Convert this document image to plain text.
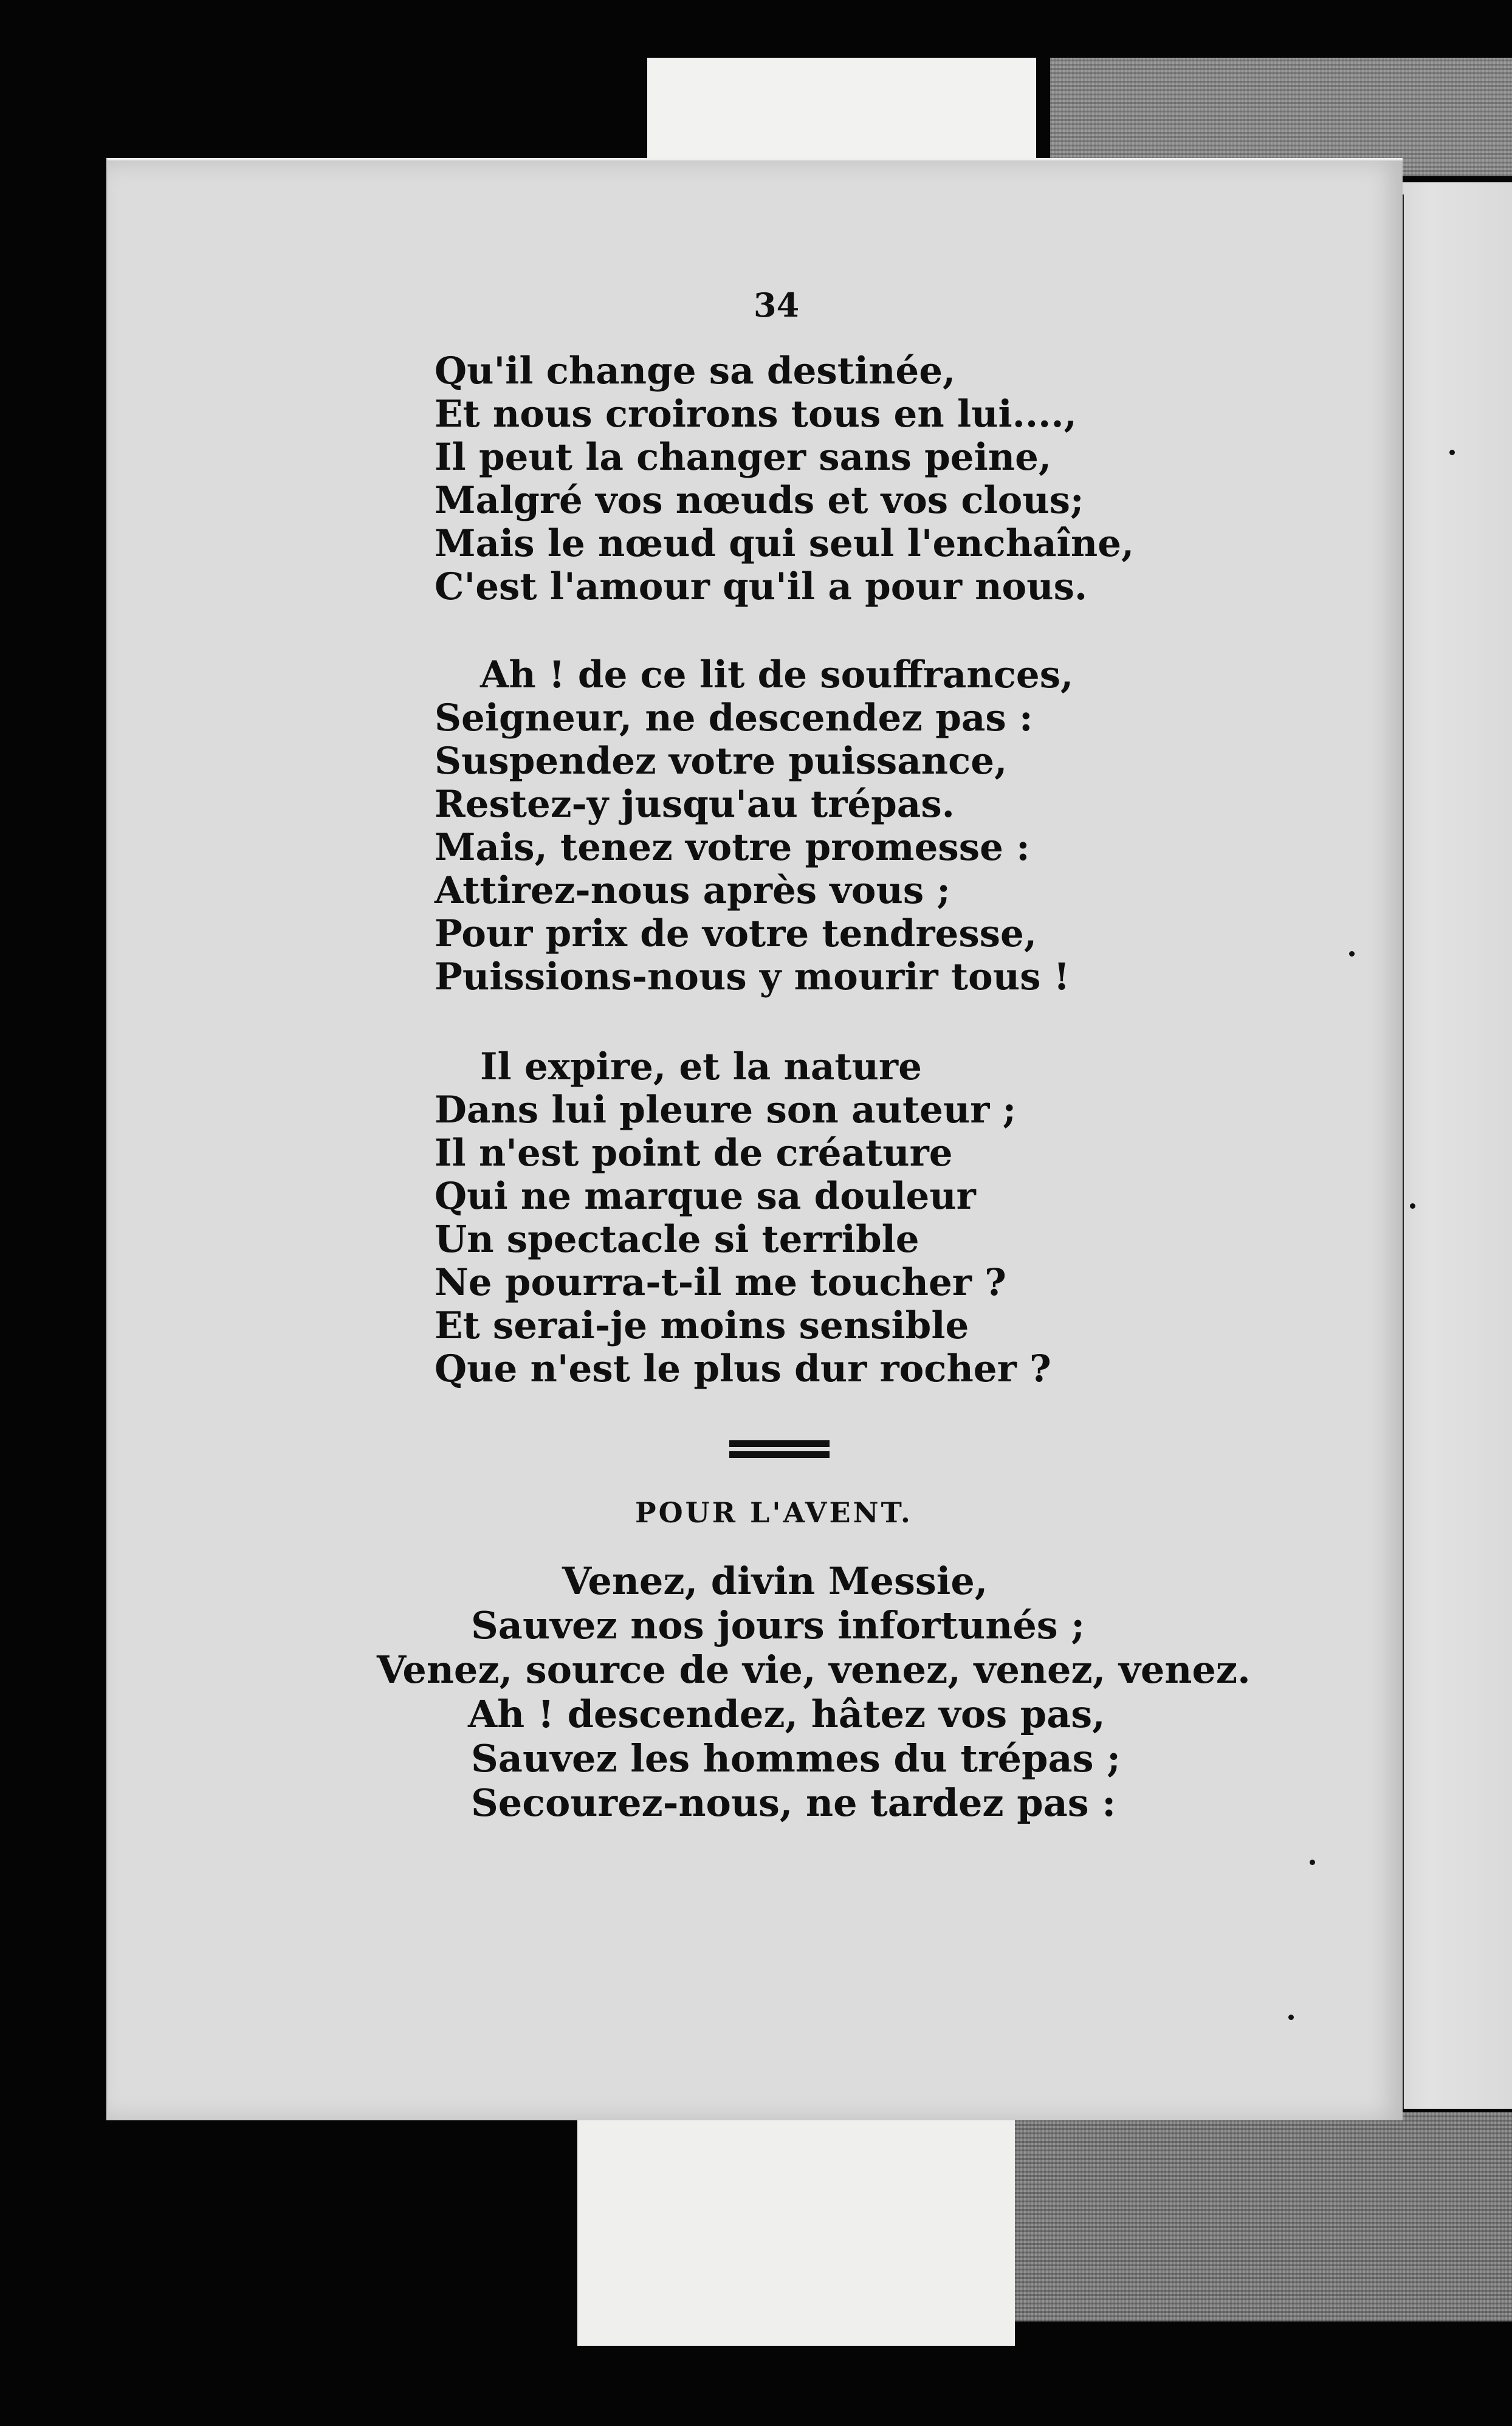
34
Qu'il change sa destinée,
Et nous croirons tous en lui....,
Il peut la changer sans peine,
Malgré vos nœuds et vos clous;
Mais le nœud qui seul l'enchaîne,
C'est l'amour qu'il a pour nous.
Ah ! de ce lit de souffrances,
Seigneur, ne descendez pas :
Suspendez votre puissance,
Restez-y jusqu'au trépas.
Mais, tenez votre promesse :
Attirez-nous après vous ;
Pour prix de votre tendresse,
Puissions-nous y mourir tous !
Il expire, et la nature
Dans lui pleure son auteur ;
Il n'est point de créature
Qui ne marque sa douleur
Un spectacle si terrible
Ne pourra-t-il me toucher ?
Et serai-je moins sensible
Que n'est le plus dur rocher ?
POUR L'AVENT.
Venez, divin Messie,
Sauvez nos jours infortunés ;
Venez, source de vie, venez, venez, venez.
Ah ! descendez, hâtez vos pas,
Sauvez les hommes du trépas ;
Secourez-nous, ne tardez pas :
